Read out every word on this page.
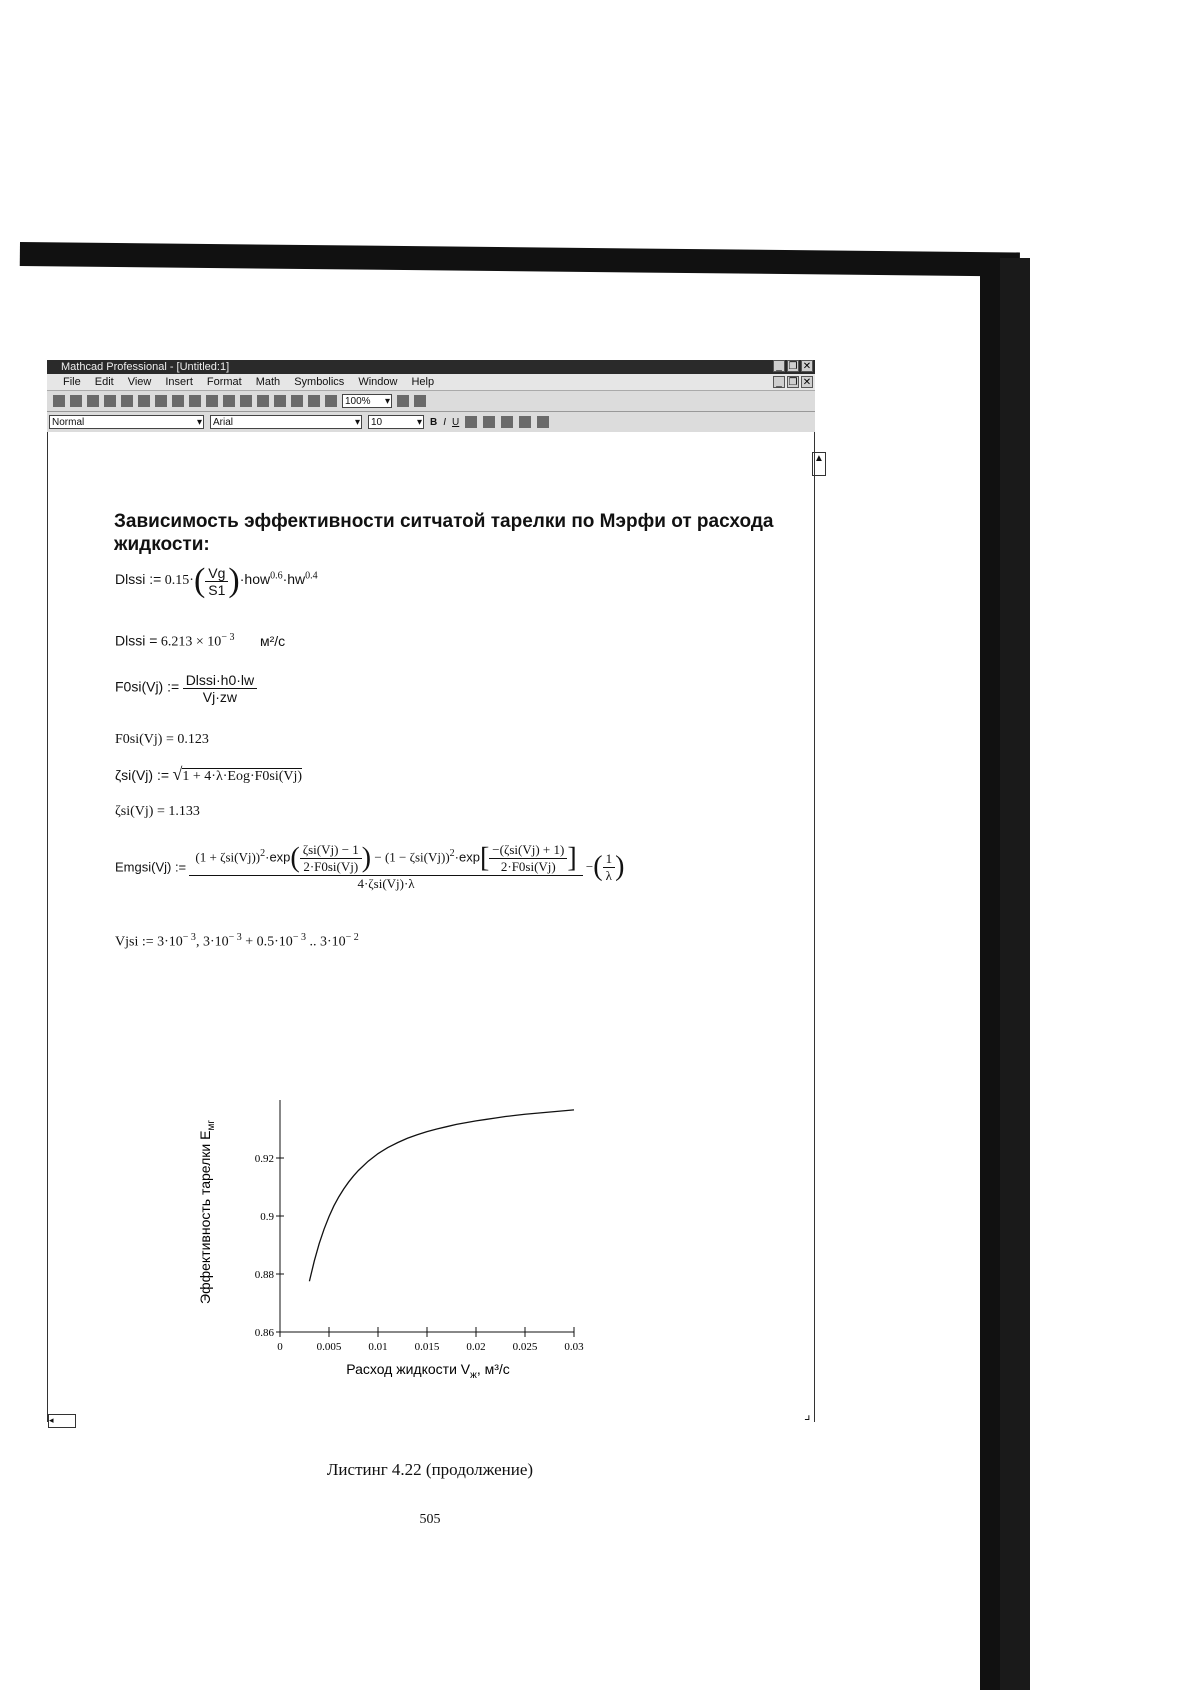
Mathcad Professional - [Untitled:1]	_ ❐ ✕
File Edit View Insert Format Math Symbolics Window Help	_ ❐ ✕
100% ▾
Normal ▾	Arial ▾	10 ▾	B I U
▲
Зависимость эффективности ситчатой тарелки по Мэрфи от расхода жидкости:
Dlssi := $0.15\cdot( \frac{Vg}{S1} )\cdot how^{0.6}\cdot hw^{0.4}$
Dlssi = $6.213 \times 10^{- 3}$ м²/с
F0si(Vj) := $\frac{\text{Dlssi·h0·lw}}{Vj\cdot zw}$
F0si(Vj) = 0.123
ζsi(Vj) := √1 + 4·λ·Eog·F0si(Vj)
ζsi(Vj) = 1.133
Emgsi(Vj) :=
$(1 + \zeta si(Vj))^2\cdot\exp( \frac{\text{ζsi(Vj) − 1}}{2\cdot F0si(Vj)}$ ) − $(1 - \zeta si(Vj))^2\cdot\exp[ \frac{\text{−(ζsi(Vj) + 1)}}{2\cdot F0si(Vj)}$ ]
4·ζsi(Vj)·λ
−( $\frac{1}{\lambda}$ )
Vjsi := $3\cdot 10^{- 3}$, $3\cdot 10^{- 3} + 0.5\cdot 10^{- 3}$ .. $3\cdot 10^{- 2}$
0	0.005 0.01 0.015 0.02 0.025 0.03
0.86
0.88
0.9
0.92
Эффективность тарелки $E_{мг}$
Расход жидкости $V_ж$, м³/с
◂	⌟
Листинг 4.22 (продолжение)
505
